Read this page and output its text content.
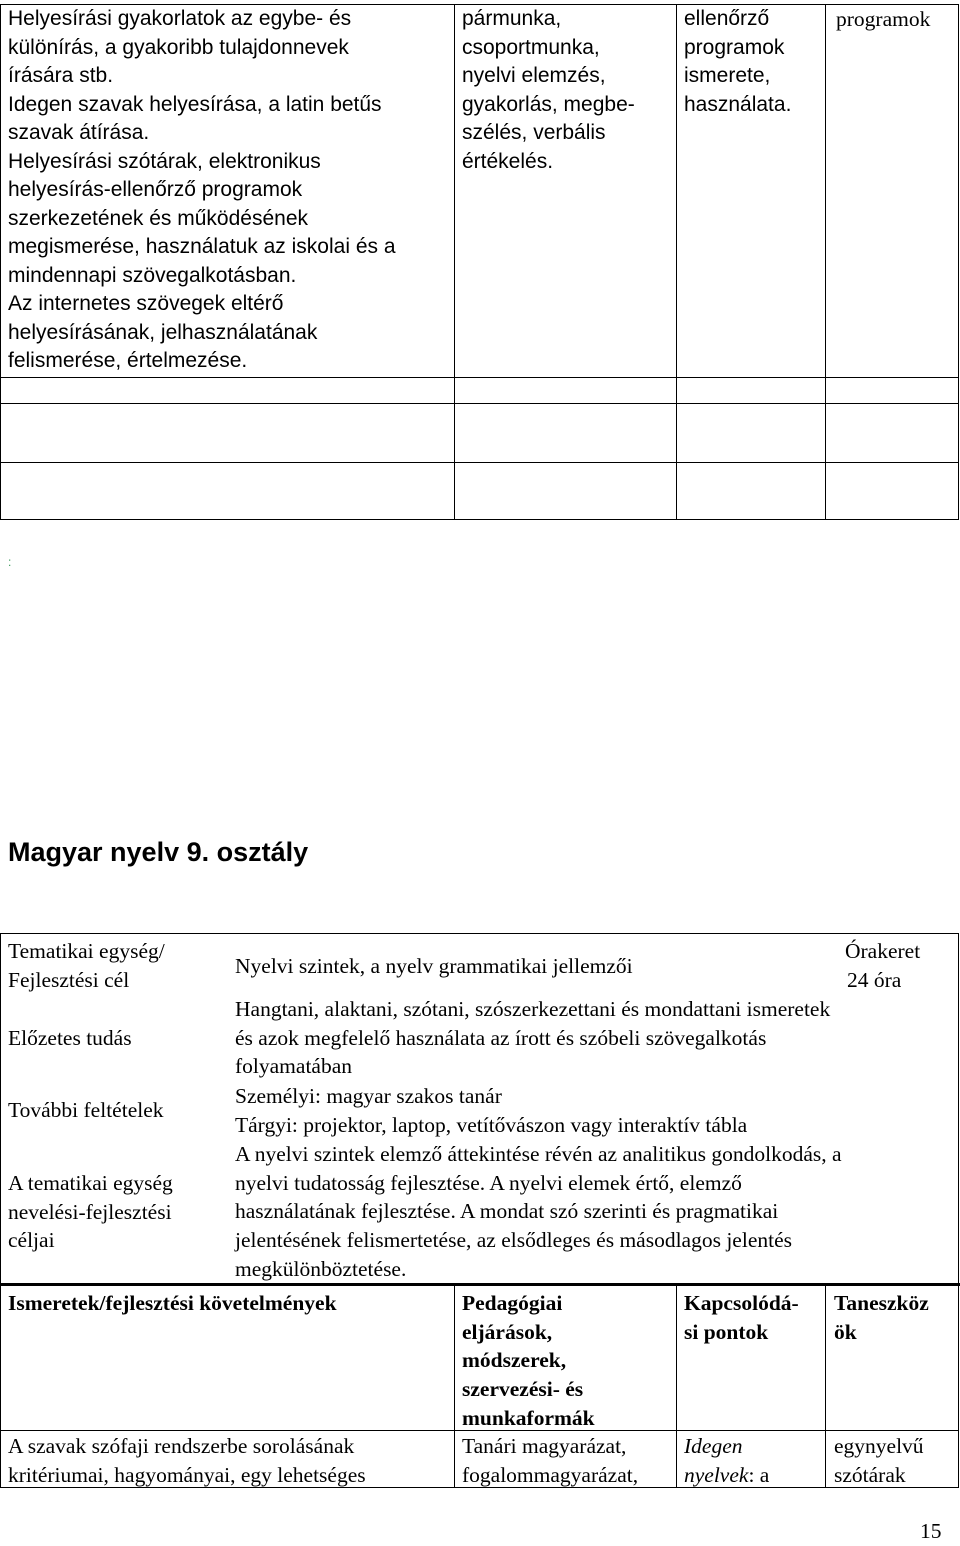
Helyesírási gyakorlatok az egybe- és
különírás, a gyakoribb tulajdonnevek
írására stb.
Idegen szavak helyesírása, a latin betűs
szavak átírása.
Helyesírási szótárak, elektronikus
helyesírás-ellenőrző programok
szerkezetének és működésének
megismerése, használatuk az iskolai és a
mindennapi szövegalkotásban.
Az internetes szövegek eltérő
helyesírásának, jelhasználatának
felismerése, értelmezése.
pármunka,
csoportmunka,
nyelvi elemzés,
gyakorlás, megbe-
szélés, verbális
értékelés.
ellenőrző
programok
ismerete,
használata.
programok
:
Magyar nyelv 9. osztály
Tematikai egység/
Fejlesztési cél
Nyelvi szintek, a nyelv grammatikai jellemzői
Órakeret
24 óra
Előzetes tudás
Hangtani, alaktani, szótani, szószerkezettani és mondattani ismeretek
és azok megfelelő használata az írott és szóbeli szövegalkotás
folyamatában
További feltételek
Személyi: magyar szakos tanár
Tárgyi: projektor, laptop, vetítővászon vagy interaktív tábla
A tematikai egység
nevelési-fejlesztési
céljai
A nyelvi szintek elemző áttekintése révén az analitikus gondolkodás, a
nyelvi tudatosság fejlesztése. A nyelvi elemek értő, elemző
használatának fejlesztése. A mondat szó szerinti és pragmatikai
jelentésének felismertetése, az elsődleges és másodlagos jelentés
megkülönböztetése.
Ismeretek/fejlesztési követelmények	Pedagógiai
eljárások,
módszerek,
szervezési- és
munkaformák
Kapcsolódá-
si pontok
Taneszköz
ök
A szavak szófaji rendszerbe sorolásának
kritériumai, hagyományai, egy lehetséges
Tanári magyarázat,
fogalommagyarázat,
Idegen
nyelvek: a
egynyelvű
szótárak
15
